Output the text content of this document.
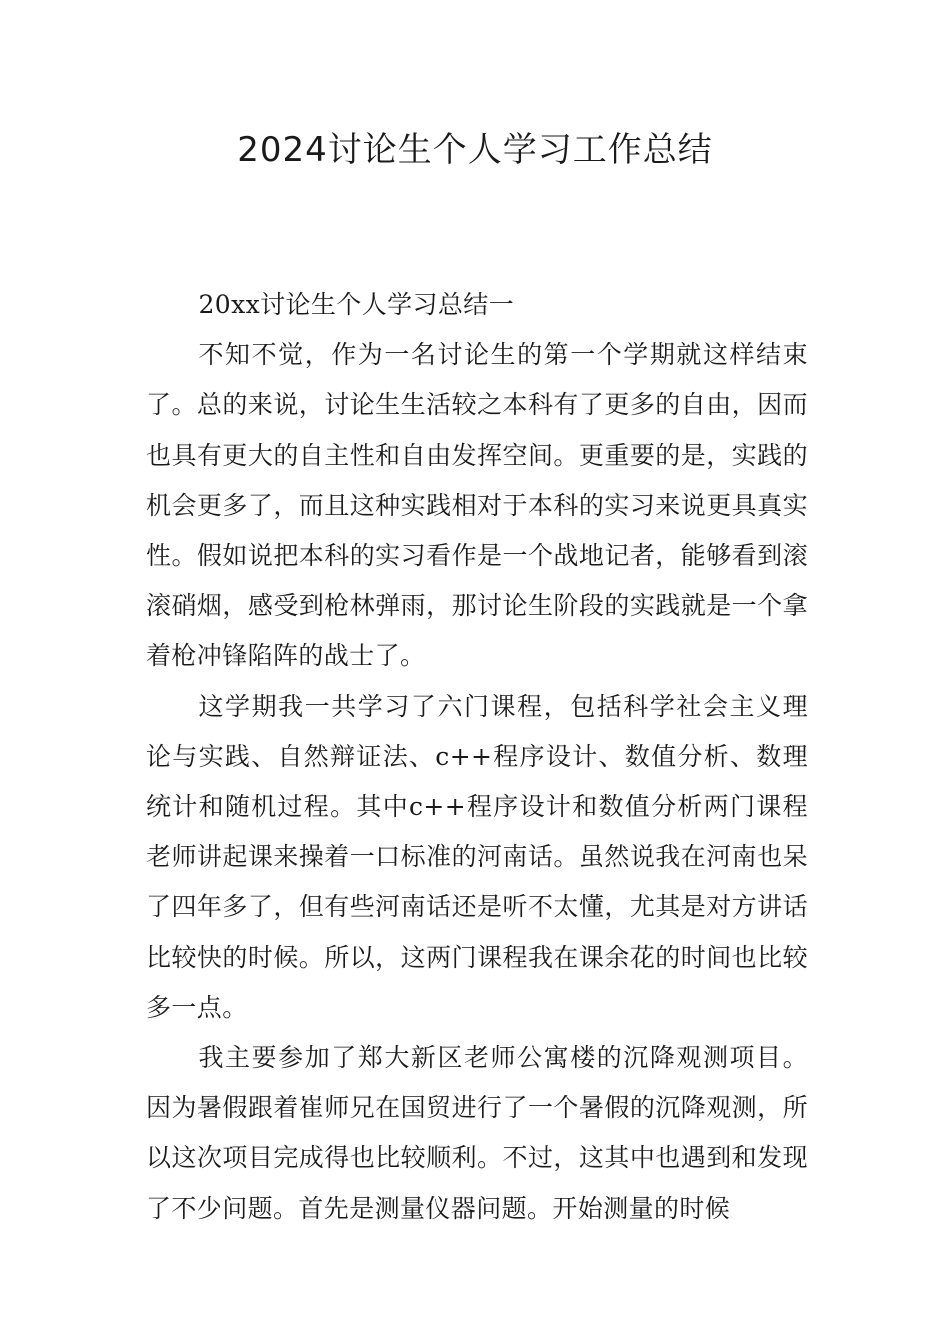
2024讨论生个人学习工作总结

20xx讨论生个人学习总结一

不知不觉，作为一名讨论生的第一个学期就这样结束了。总的来说，讨论生生活较之本科有了更多的自由，因而也具有更大的自主性和自由发挥空间。更重要的是，实践的机会更多了，而且这种实践相对于本科的实习来说更具真实性。假如说把本科的实习看作是一个战地记者，能够看到滚滚硝烟，感受到枪林弹雨，那讨论生阶段的实践就是一个拿着枪冲锋陷阵的战士了。

这学期我一共学习了六门课程，包括科学社会主义理论与实践、自然辩证法、c++程序设计、数值分析、数理统计和随机过程。其中c++程序设计和数值分析两门课程老师讲起课来操着一口标准的河南话。虽然说我在河南也呆了四年多了，但有些河南话还是听不太懂，尤其是对方讲话比较快的时候。所以，这两门课程我在课余花的时间也比较多一点。

我主要参加了郑大新区老师公寓楼的沉降观测项目。因为暑假跟着崔师兄在国贸进行了一个暑假的沉降观测，所以这次项目完成得也比较顺利。不过，这其中也遇到和发现了不少问题。首先是测量仪器问题。开始测量的时候
